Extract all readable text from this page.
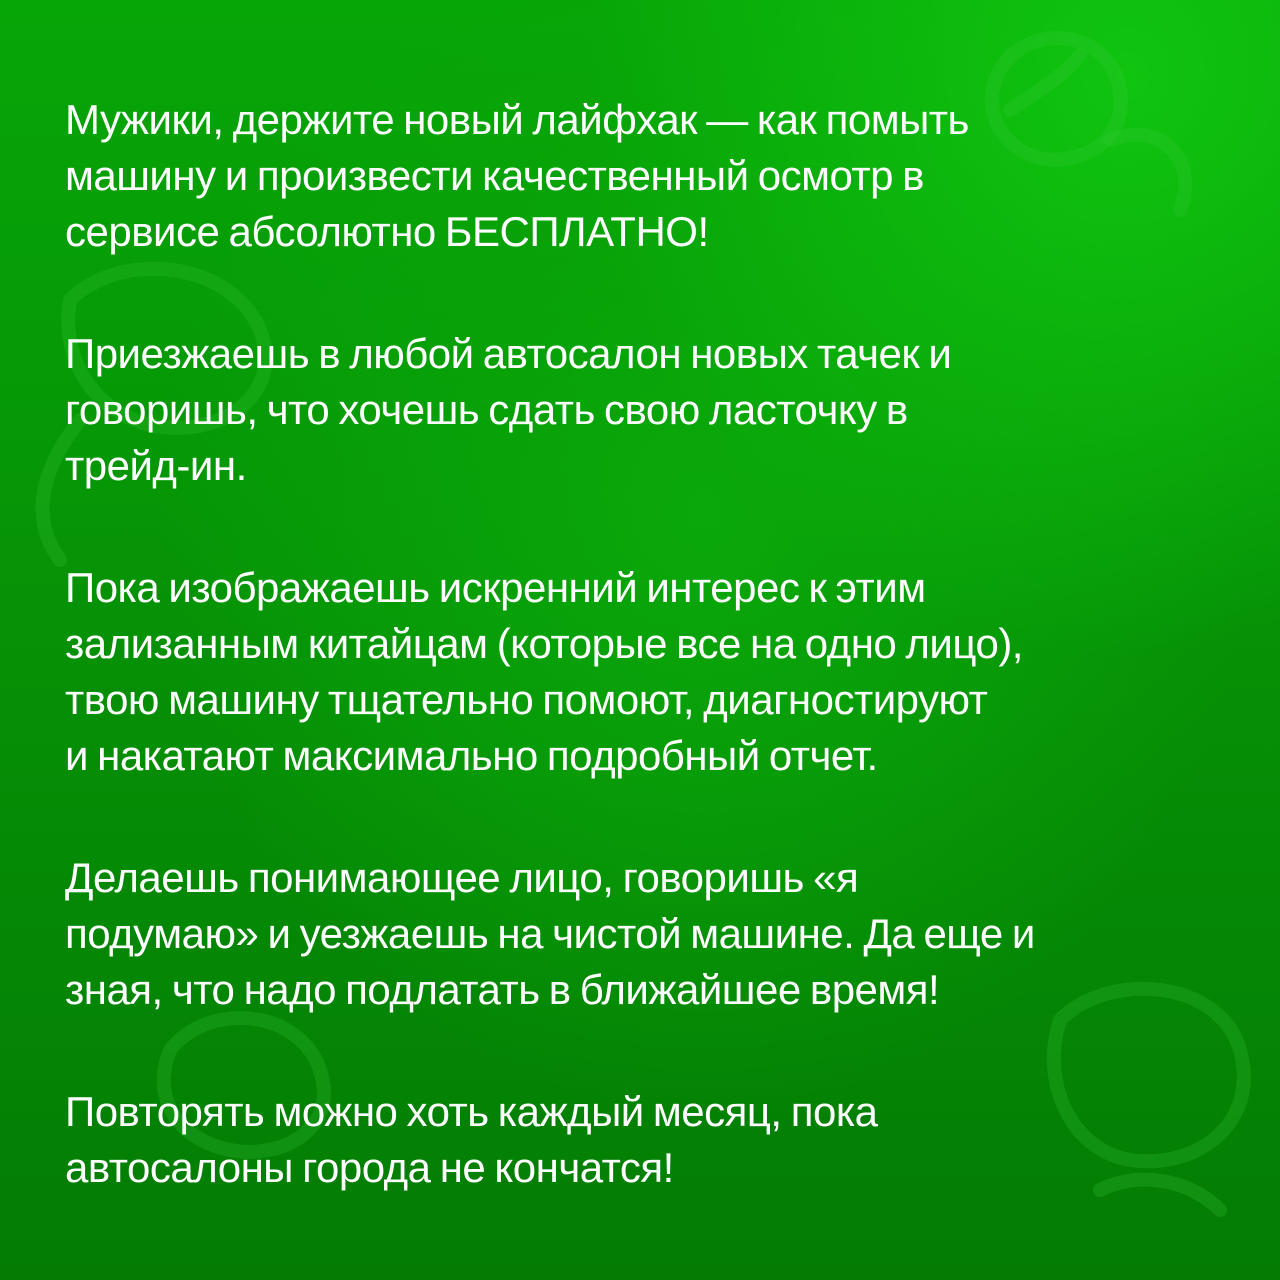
Мужики, держите новый лайфхак — как помыть
машину и произвести качественный осмотр в
сервисе абсолютно БЕСПЛАТНО!

Приезжаешь в любой автосалон новых тачек и
говоришь, что хочешь сдать свою ласточку в
трейд-ин.

Пока изображаешь искренний интерес к этим
зализанным китайцам (которые все на одно лицо),
твою машину тщательно помоют, диагностируют
и накатают максимально подробный отчет.

Делаешь понимающее лицо, говоришь «я
подумаю» и уезжаешь на чистой машине. Да еще и
зная, что надо подлатать в ближайшее время!

Повторять можно хоть каждый месяц, пока
автосалоны города не кончатся!
